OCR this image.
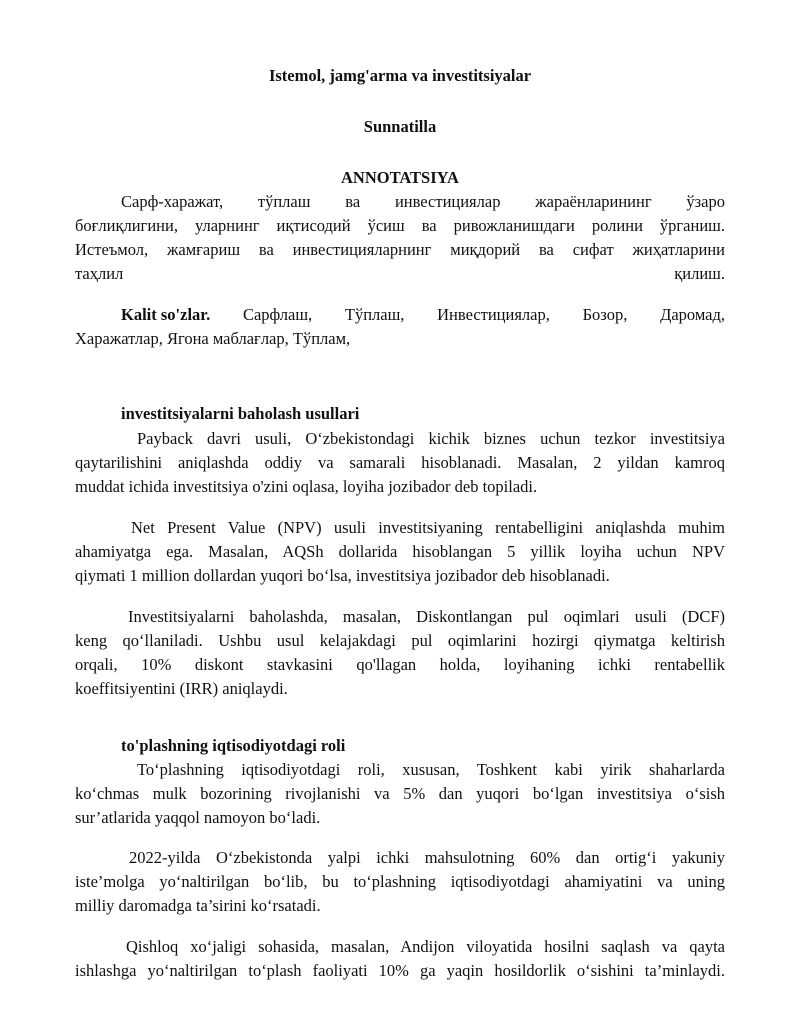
Istemol, jamg'arma va investitsiyalar
Sunnatilla
ANNOTATSIYA
Сарф-харажат, тўплаш ва инвестициялар жараёнларининг ўзаро
боғлиқлигини, уларнинг иқтисодий ўсиш ва ривожланишдаги ролини ўрганиш.
Истеъмол, жамғариш ва инвестицияларнинг миқдорий ва сифат жиҳатларини
таҳлил	қилиш.
Kalit so'zlar. Сарфлаш, Тўплаш, Инвестициялар, Бозор, Даромад,
Харажатлар, Ягона маблағлар, Тўплам,
investitsiyalarni baholash usullari
Payback davri usuli, O‘zbekistondagi kichik biznes uchun tezkor investitsiya
qaytarilishini aniqlashda oddiy va samarali hisoblanadi. Masalan, 2 yildan kamroq
muddat ichida investitsiya o'zini oqlasa, loyiha jozibador deb topiladi.
Net Present Value (NPV) usuli investitsiyaning rentabelligini aniqlashda muhim
ahamiyatga ega. Masalan, AQSh dollarida hisoblangan 5 yillik loyiha uchun NPV
qiymati 1 million dollardan yuqori bo‘lsa, investitsiya jozibador deb hisoblanadi.
Investitsiyalarni baholashda, masalan, Diskontlangan pul oqimlari usuli (DCF)
keng qo‘llaniladi. Ushbu usul kelajakdagi pul oqimlarini hozirgi qiymatga keltirish
orqali, 10% diskont stavkasini qo'llagan holda, loyihaning ichki rentabellik
koeffitsiyentini (IRR) aniqlaydi.
to'plashning iqtisodiyotdagi roli
To‘plashning iqtisodiyotdagi roli, xususan, Toshkent kabi yirik shaharlarda
ko‘chmas mulk bozorining rivojlanishi va 5% dan yuqori bo‘lgan investitsiya o‘sish
sur’atlarida yaqqol namoyon bo‘ladi.
2022-yilda O‘zbekistonda yalpi ichki mahsulotning 60% dan ortig‘i yakuniy
iste’molga yo‘naltirilgan bo‘lib, bu to‘plashning iqtisodiyotdagi ahamiyatini va uning
milliy daromadga ta’sirini ko‘rsatadi.
Qishloq xo‘jaligi sohasida, masalan, Andijon viloyatida hosilni saqlash va qayta
ishlashga yo‘naltirilgan to‘plash faoliyati 10% ga yaqin hosildorlik o‘sishini ta’minlaydi.
